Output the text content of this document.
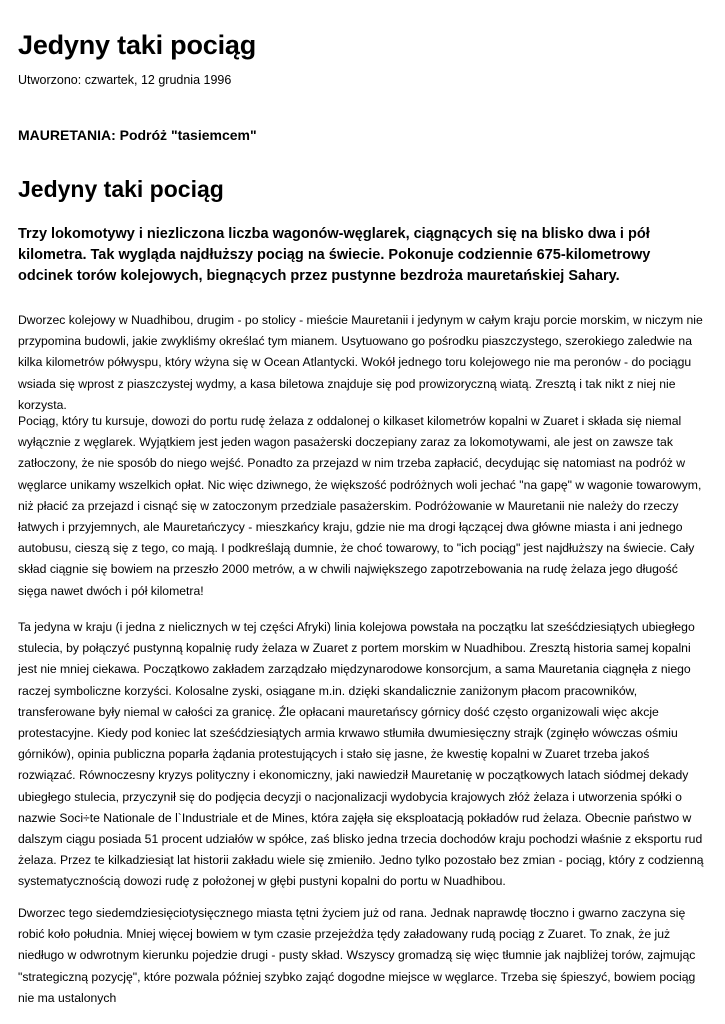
Jedyny taki pociąg
Utworzono: czwartek, 12 grudnia 1996
MAURETANIA: Podróż "tasiemcem"
Jedyny taki pociąg

Trzy lokomotywy i niezliczona liczba wagonów-węglarek, ciągnących się na blisko dwa i pół kilometra. Tak wygląda najdłuższy pociąg na świecie. Pokonuje codziennie 675-kilometrowy odcinek torów kolejowych, biegnących przez pustynne bezdroża mauretańskiej Sahary.

Dworzec kolejowy w Nuadhibou, drugim - po stolicy - mieście Mauretanii i jedynym w całym kraju porcie morskim, w niczym nie przypomina budowli, jakie zwykliśmy określać tym mianem. Usytuowano go pośrodku piaszczystego, szerokiego zaledwie na kilka kilometrów półwyspu, który wżyna się w Ocean Atlantycki. Wokół jednego toru kolejowego nie ma peronów - do pociągu wsiada się wprost z piaszczystej wydmy, a kasa biletowa znajduje się pod prowizoryczną wiatą. Zresztą i tak nikt z niej nie korzysta.

Pociąg, który tu kursuje, dowozi do portu rudę żelaza z oddalonej o kilkaset kilometrów kopalni w Zuaret i składa się niemal wyłącznie z węglarek. Wyjątkiem jest jeden wagon pasażerski doczepiany zaraz za lokomotywami, ale jest on zawsze tak zatłoczony, że nie sposób do niego wejść. Ponadto za przejazd w nim trzeba zapłacić, decydując się natomiast na podróż w węglarce unikamy wszelkich opłat. Nic więc dziwnego, że większość podróżnych woli jechać "na gapę" w wagonie towarowym, niż płacić za przejazd i cisnąć się w zatoczonym przedziale pasażerskim. Podróżowanie w Mauretanii nie należy do rzeczy łatwych i przyjemnych, ale Mauretańczycy - mieszkańcy kraju, gdzie nie ma drogi łączącej dwa główne miasta i ani jednego autobusu, cieszą się z tego, co mają. I podkreślają dumnie, że choć towarowy, to "ich pociąg" jest najdłuższy na świecie. Cały skład ciągnie się bowiem na przeszło 2000 metrów, a w chwili największego zapotrzebowania na rudę żelaza jego długość sięga nawet dwóch i pół kilometra!

Ta jedyna w kraju (i jedna z nielicznych w tej części Afryki) linia kolejowa powstała na początku lat sześćdziesiątych ubiegłego stulecia, by połączyć pustynną kopalnię rudy żelaza w Zuaret z portem morskim w Nuadhibou. Zresztą historia samej kopalni jest nie mniej ciekawa. Początkowo zakładem zarządzało międzynarodowe konsorcjum, a sama Mauretania ciągnęła z niego raczej symboliczne korzyści. Kolosalne zyski, osiągane m.in. dzięki skandalicznie zaniżonym płacom pracowników, transferowane były niemal w całości za granicę. Źle opłacani mauretańscy górnicy dość często organizowali więc akcje protestacyjne. Kiedy pod koniec lat sześćdziesiątych armia krwawo stłumiła dwumiesięczny strajk (zginęło wówczas ośmiu górników), opinia publiczna poparła żądania protestujących i stało się jasne, że kwestię kopalni w Zuaret trzeba jakoś rozwiązać. Równoczesny kryzys polityczny i ekonomiczny, jaki nawiedził Mauretanię w początkowych latach siódmej dekady ubiegłego stulecia, przyczynił się do podjęcia decyzji o nacjonalizacji wydobycia krajowych złóż żelaza i utworzenia spółki o nazwie Soci÷te Nationale de l`Industriale et de Mines, która zajęła się eksploatacją pokładów rud żelaza. Obecnie państwo w dalszym ciągu posiada 51 procent udziałów w spółce, zaś blisko jedna trzecia dochodów kraju pochodzi właśnie z eksportu rud żelaza. Przez te kilkadziesiąt lat historii zakładu wiele się zmieniło. Jedno tylko pozostało bez zmian - pociąg, który z codzienną systematycznością dowozi rudę z położonej w głębi pustyni kopalni do portu w Nuadhibou.

Dworzec tego siedemdziesięciotysięcznego miasta tętni życiem już od rana. Jednak naprawdę tłoczno i gwarno zaczyna się robić koło południa. Mniej więcej bowiem w tym czasie przejeżdża tędy załadowany rudą pociąg z Zuaret. To znak, że już niedługo w odwrotnym kierunku pojedzie drugi - pusty skład. Wszyscy gromadzą się więc tłumnie jak najbliżej torów, zajmując "strategiczną pozycję", które pozwala później szybko zająć dogodne miejsce w węglarce. Trzeba się śpieszyć, bowiem pociąg nie ma ustalonych
